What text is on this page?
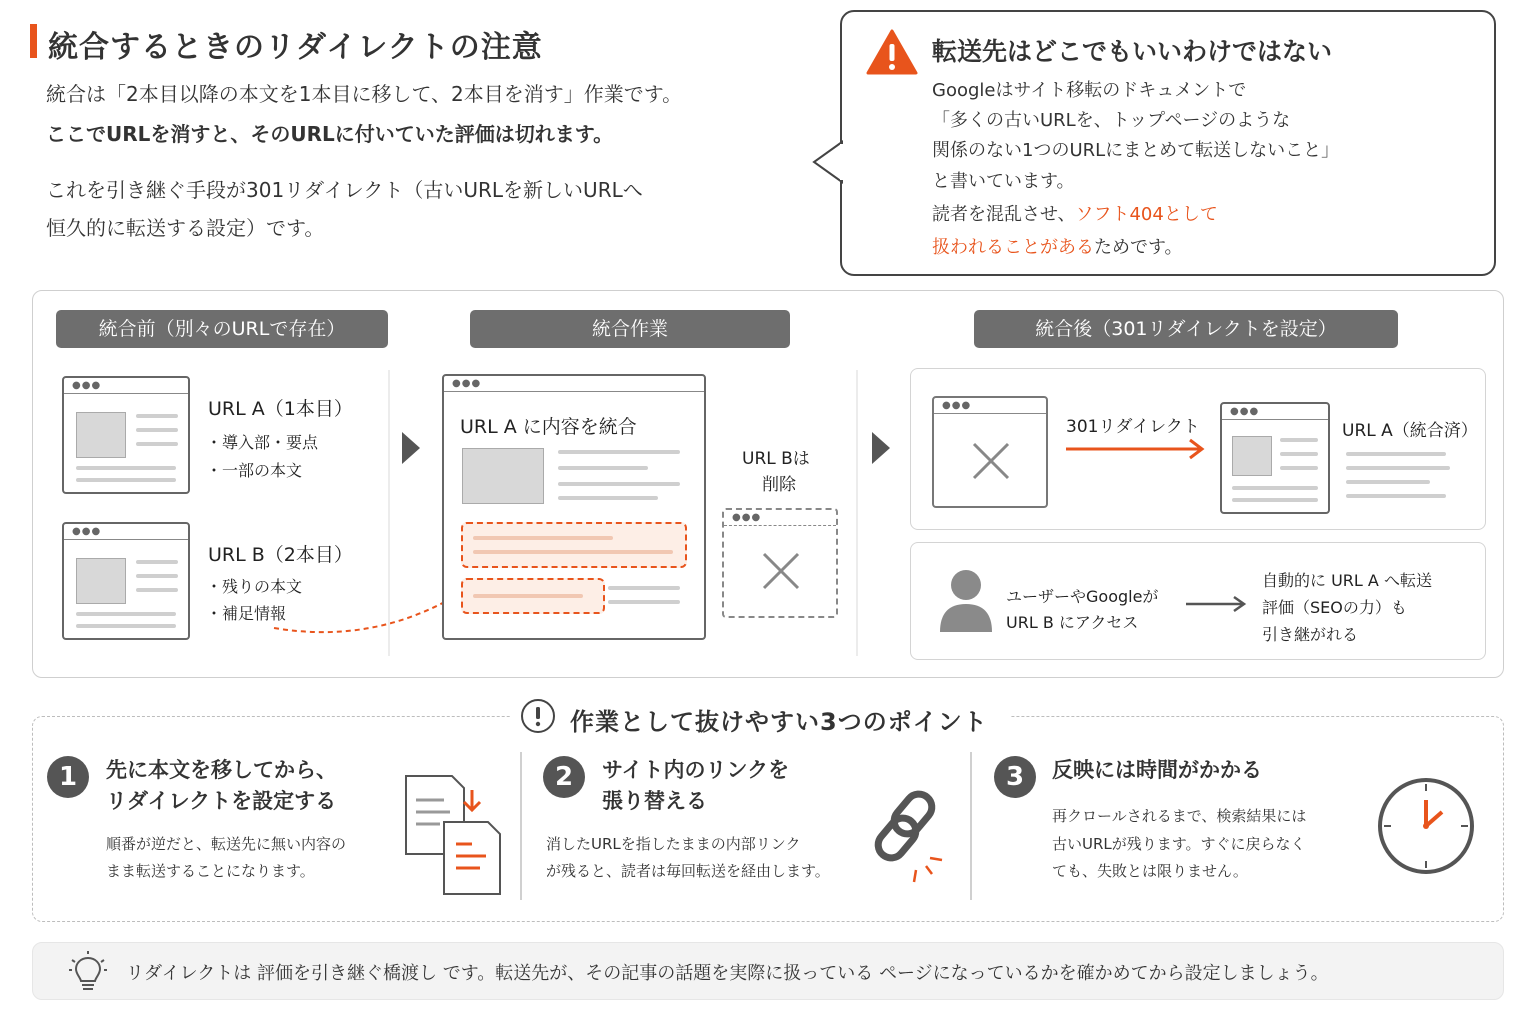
統合するときのリダイレクトの注意
統合は「2本目以降の本文を1本目に移して、2本目を消す」作業です。
ここでURLを消すと、そのURLに付いていた評価は切れます。
これを引き継ぐ手段が301リダイレクト（古いURLを新しいURLへ
恒久的に転送する設定）です。
転送先はどこでもいいわけではない
Googleはサイト移転のドキュメントで
「多くの古いURLを、トップページのような
関係のない1つのURLにまとめて転送しないこと」
と書いています。
読者を混乱させ、ソフト404として
扱われることがあるためです。
統合前（別々のURLで存在）	統合作業	統合後（301リダイレクトを設定）
●●●
URL A（1本目）
・導入部・要点
・一部の本文
●●●
URL B（2本目）
・残りの本文
・補足情報
●●●
URL A に内容を統合
URL Bは
削除
●●●
●●●
301リダイレクト
●●●
URL A（統合済）
ユーザーやGoogleが
URL B にアクセス
自動的に URL A へ転送
評価（SEOの力）も
引き継がれる
作業として抜けやすい3つのポイント
1	先に本文を移してから、
リダイレクトを設定する
順番が逆だと、転送先に無い内容の
まま転送することになります。
2	サイト内のリンクを
張り替える
消したURLを指したままの内部リンク
が残ると、読者は毎回転送を経由します。
3	反映には時間がかかる
再クロールされるまで、検索結果には
古いURLが残ります。すぐに戻らなく
ても、失敗とは限りません。
リダイレクトは 評価を引き継ぐ橋渡し です。転送先が、その記事の話題を実際に扱っている ページになっているかを確かめてから設定しましょう。
